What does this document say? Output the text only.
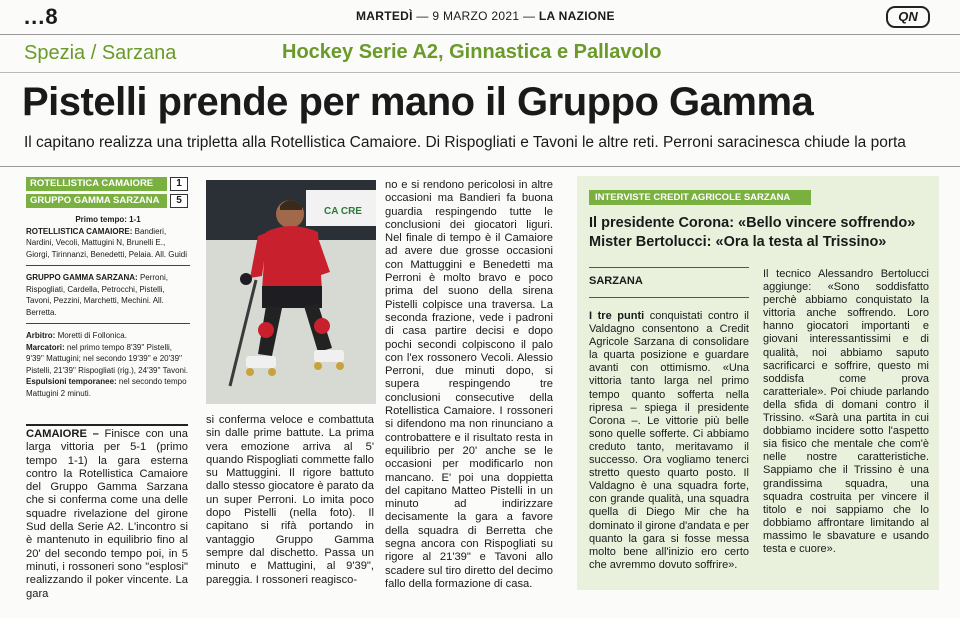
...8	MARTEDÌ — 9 MARZO 2021 — LA NAZIONE	QN
Spezia / Sarzana	Hockey Serie A2, Ginnastica e Pallavolo
Pistelli prende per mano il Gruppo Gamma
Il capitano realizza una tripletta alla Rotellistica Camaiore. Di Rispogliati e Tavoni le altre reti. Perroni saracinesca chiude la porta
ROTELLISTICA CAMAIORE	1
GRUPPO GAMMA SARZANA	5

Primo tempo: 1-1

ROTELLISTICA CAMAIORE: Bandieri, Nardini, Vecoli, Mattugini N, Brunelli E., Giorgi, Tirinnanzi, Benedetti, Pelaia. All. Guidi

GRUPPO GAMMA SARZANA: Perroni, Rispogliati, Cardella, Petrocchi, Pistelli, Tavoni, Pezzini, Marchetti, Mechini. All. Berretta.

Arbitro: Moretti di Follonica.

Marcatori: nel primo tempo 8'39'' Pistelli, 9'39'' Mattugini; nel secondo 19'39'' e 20'39'' Pistelli, 21'39'' Rispogliati (rig.), 24'39'' Tavoni.

Espulsioni temporanee: nel secondo tempo Mattugini 2 minuti.

CA CRE

CAMAIORE – Finisce con una larga vittoria per 5-1 (primo tempo 1-1) la gara esterna contro la Rotellistica Camaiore del Gruppo Gamma Sarzana che si conferma come una delle squadre rivelazione del girone Sud della Serie A2. L'incontro si è mantenuto in equilibrio fino al 20' del secondo tempo poi, in 5 minuti, i rossoneri sono "esplosi" realizzando il poker vincente. La gara

si conferma veloce e combattuta sin dalle prime battute. La prima vera emozione arriva al 5' quando Rispogliati commette fallo su Mattuggini. Il rigore battuto dallo stesso giocatore è parato da un super Perroni. Lo imita poco dopo Pistelli (nella foto). Il capitano si rifà portando in vantaggio Gruppo Gamma sempre dal dischetto. Passa un minuto e Mattugini, al 9'39", pareggia. I rossoneri reagisco-

no e si rendono pericolosi in altre occasioni ma Bandieri fa buona guardia respingendo tutte le conclusioni dei giocatori liguri. Nel finale di tempo è il Camaiore ad avere due grosse occasioni con Mattuggini e Benedetti ma Perroni è molto bravo e poco prima del suono della sirena Pistelli colpisce una traversa. La seconda frazione, vede i padroni di casa partire decisi e dopo pochi secondi colpiscono il palo con l'ex rossonero Vecoli. Alessio Perroni, due minuti dopo, si supera respingendo tre conclusioni consecutive della Rotellistica Camaiore. I rossoneri si difendono ma non rinunciano a controbattere e il risultato resta in equilibrio per 20' anche se le occasioni per modificarlo non mancano. E' poi una doppietta del capitano Matteo Pistelli in un minuto ad indirizzare decisamente la gara a favore della squadra di Berretta che segna ancora con Rispogliati su rigore al 21'39" e Tavoni allo scadere sul tiro diretto del decimo fallo della formazione di casa.

INTERVISTE CREDIT AGRICOLE SARZANA
Il presidente Corona: «Bello vincere soffrendo»
Mister Bertolucci: «Ora la testa al Trissino»
SARZANA

I tre punti conquistati contro il Valdagno consentono a Credit Agricole Sarzana di consolidare la quarta posizione e guardare avanti con ottimismo. «Una vittoria tanto larga nel primo tempo quanto sofferta nella ripresa – spiega il presidente Corona –. Le vittorie più belle sono quelle sofferte. Ci abbiamo creduto tanto, meritavamo il successo. Ora vogliamo tenerci stretto questo quarto posto. Il Valdagno è una squadra forte, con grande qualità, una squadra quella di Diego Mir che ha dominato il girone d'andata e per quanto la gara si fosse messa molto bene all'inizio ero certo che avremmo dovuto soffrire».

Il tecnico Alessandro Bertolucci aggiunge: «Sono soddisfatto perchè abbiamo conquistato la vittoria anche soffrendo. Loro hanno giocatori importanti e giovani interessantissimi e di qualità, noi abbiamo saputo sacrificarci e soffrire, questo mi soddisfa come prova caratteriale». Poi chiude parlando della sfida di domani contro il Trissino. «Sarà una partita in cui dobbiamo incidere sotto l'aspetto sia fisico che mentale che com'è nelle nostre caratteristiche. Sappiamo che il Trissino è una grandissima squadra, una squadra costruita per vincere il titolo e noi sappiamo che lo dobbiamo affrontare limitando al massimo le sbavature e usando testa e cuore».
